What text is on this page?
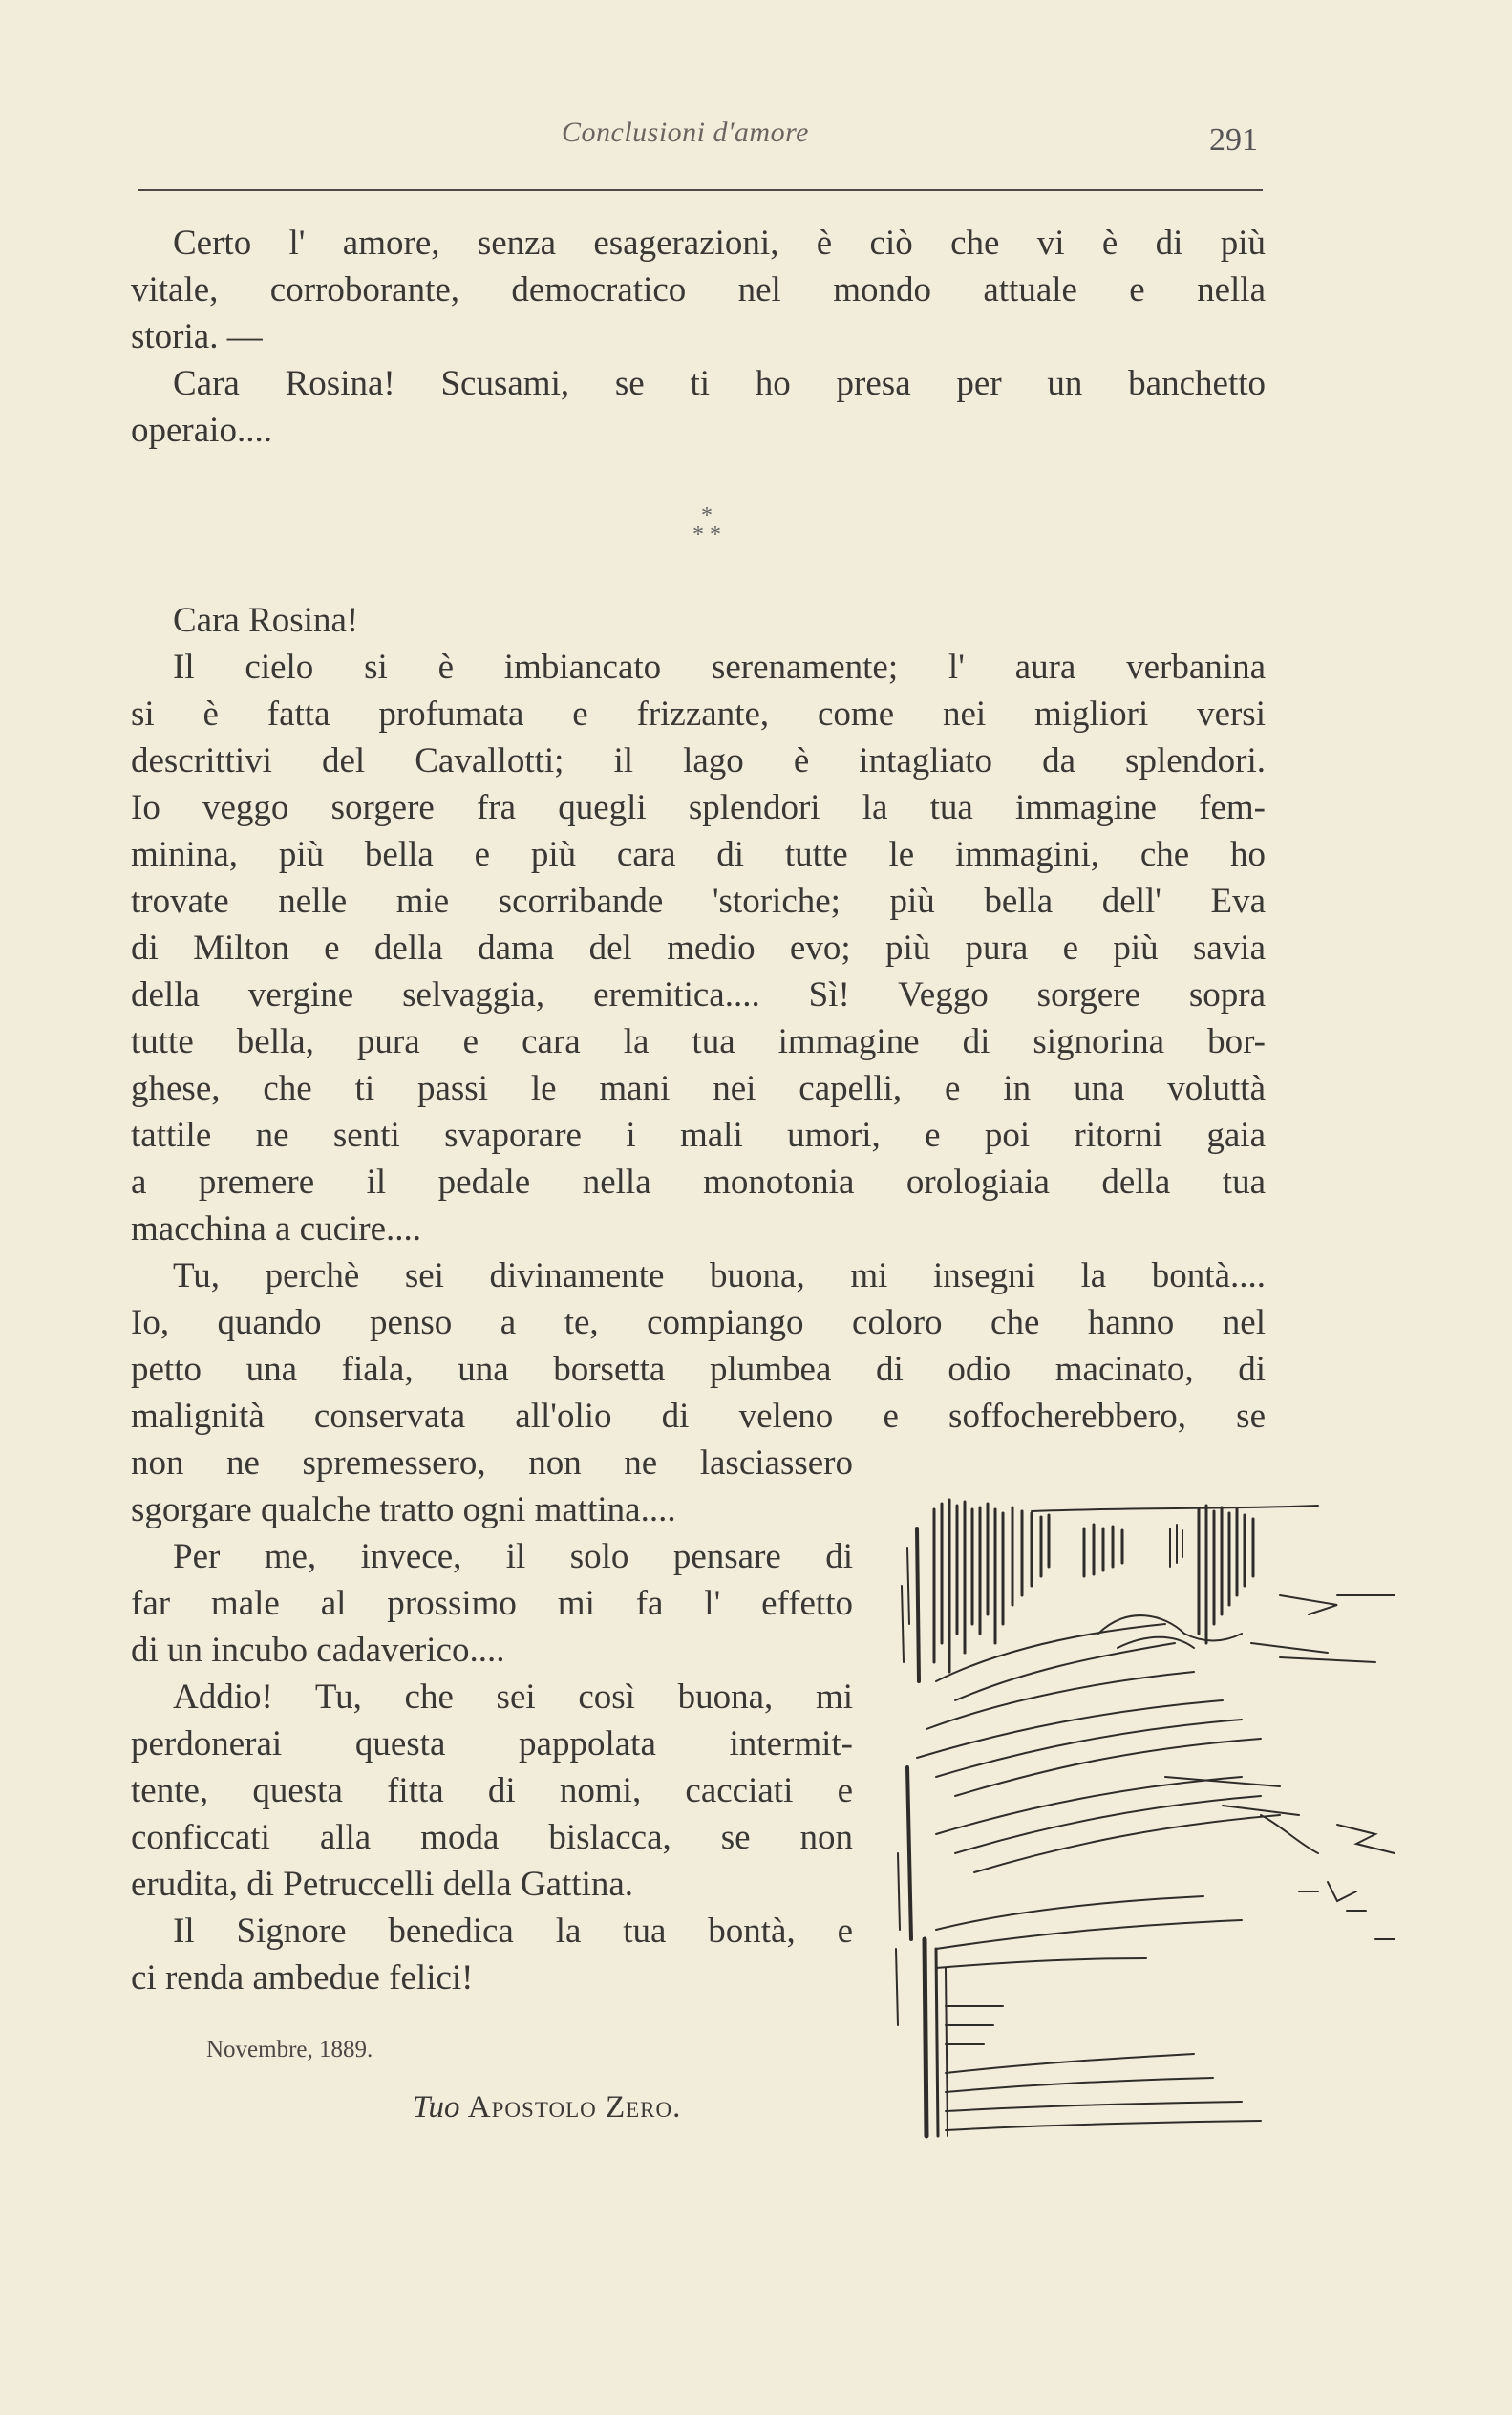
Conclusioni d'amore	291
Certo l' amore, senza esagerazioni, è ciò che vi è di più
vitale, corroborante, democratico nel mondo attuale e nella
storia. —
Cara Rosina! Scusami, se ti ho presa per un banchetto
operaio....
*
* *
Cara Rosina!
Il cielo si è imbiancato serenamente; l' aura verbanina
si è fatta profumata e frizzante, come nei migliori versi
descrittivi del Cavallotti; il lago è intagliato da splendori.
Io veggo sorgere fra quegli splendori la tua immagine fem-
minina, più bella e più cara di tutte le immagini, che ho
trovate nelle mie scorribande 'storiche; più bella dell' Eva
di Milton e della dama del medio evo; più pura e più savia
della vergine selvaggia, eremitica.... Sì! Veggo sorgere sopra
tutte bella, pura e cara la tua immagine di signorina bor-
ghese, che ti passi le mani nei capelli, e in una voluttà
tattile ne senti svaporare i mali umori, e poi ritorni gaia
a premere il pedale nella monotonia orologiaia della tua
macchina a cucire....
Tu, perchè sei divinamente buona, mi insegni la bontà....
Io, quando penso a te, compiango coloro che hanno nel
petto una fiala, una borsetta plumbea di odio macinato, di
malignità conservata all'olio di veleno e soffocherebbero, se
non ne spremessero, non ne lasciassero
sgorgare qualche tratto ogni mattina....
Per me, invece, il solo pensare di
far male al prossimo mi fa l' effetto
di un incubo cadaverico....
Addio! Tu, che sei così buona, mi
perdonerai questa pappolata intermit-
tente, questa fitta di nomi, cacciati e
conficcati alla moda bislacca, se non
erudita, di Petruccelli della Gattina.
Il Signore benedica la tua bontà, e
ci renda ambedue felici!
Novembre, 1889.
Tuo Apostolo Zero.
